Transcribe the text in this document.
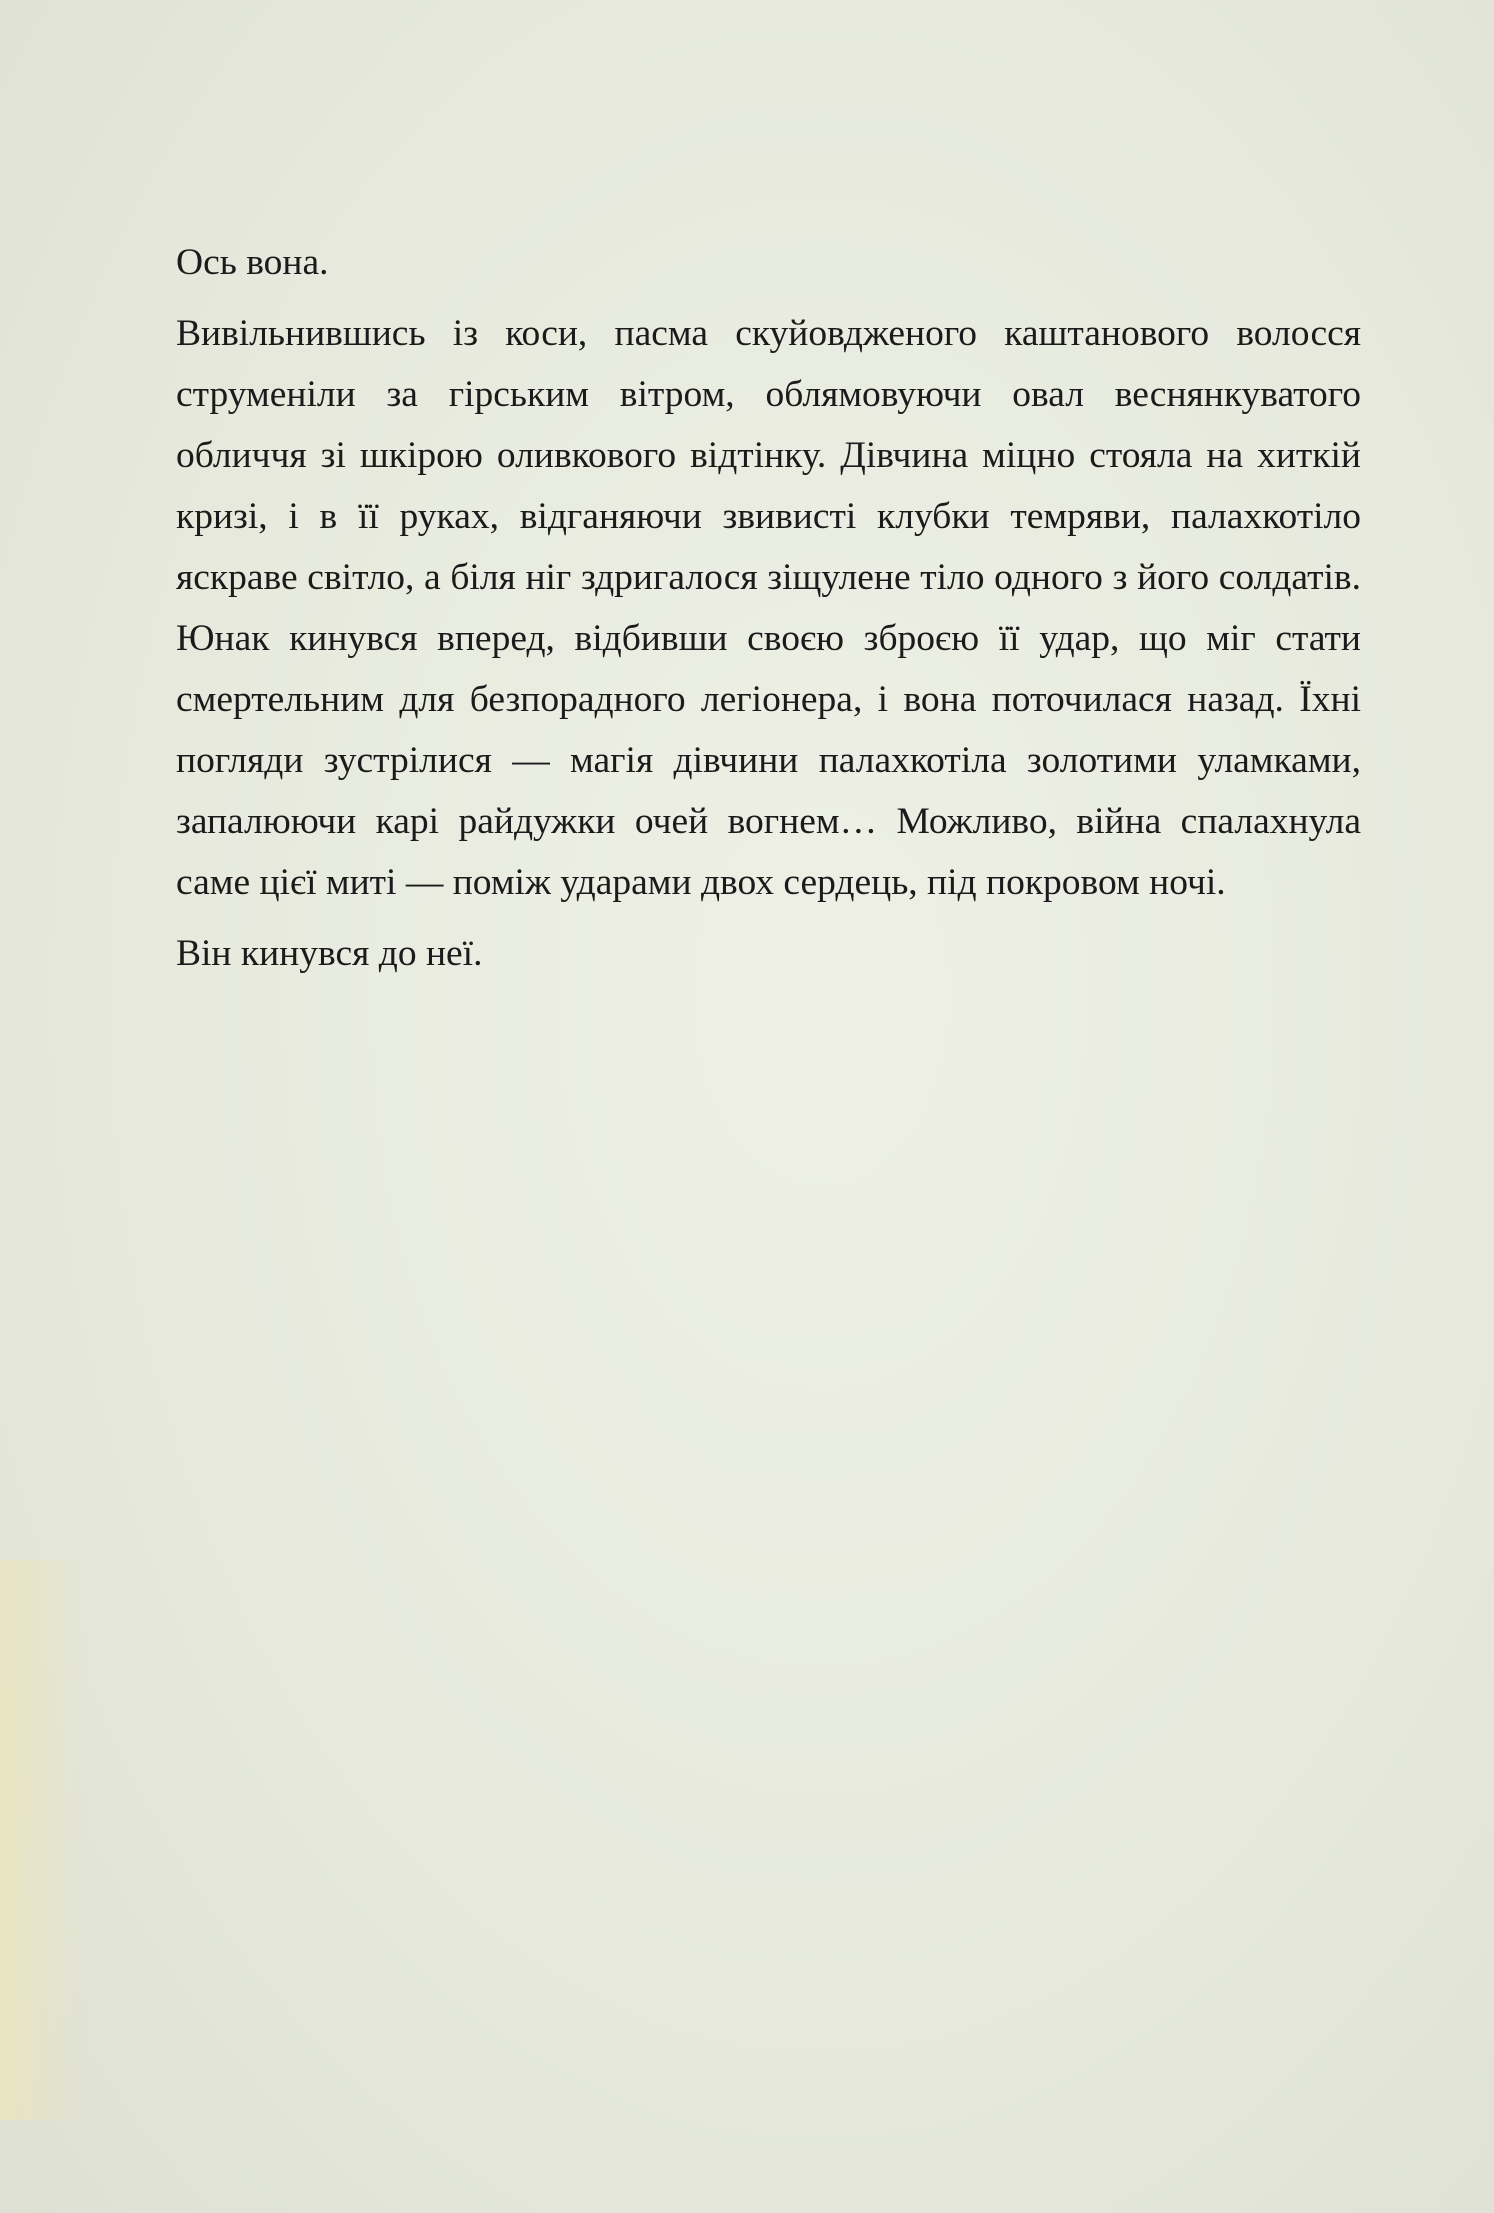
Ось вона.

Вивільнившись із коси, пасма скуйовдженого каштанового волосся струменіли за гірським вітром, облямовуючи овал веснянкуватого обличчя зі шкірою оливкового відтінку. Дівчина міцно стояла на хиткій кризі, і в її руках, відганяючи звивисті клубки темряви, палахкотіло яскраве світло, а біля ніг здригалося зіщулене тіло одного з його солдатів. Юнак кинувся вперед, відбивши своєю зброєю її удар, що міг стати смертельним для безпорадного легіонера, і вона поточилася назад. Їхні погляди зустрілися — магія дівчини палахкотіла золотими уламками, запалюючи карі райдужки очей вогнем… Можливо, війна спалахнула саме цієї миті — поміж ударами двох сердець, під покровом ночі.

Він кинувся до неї.
